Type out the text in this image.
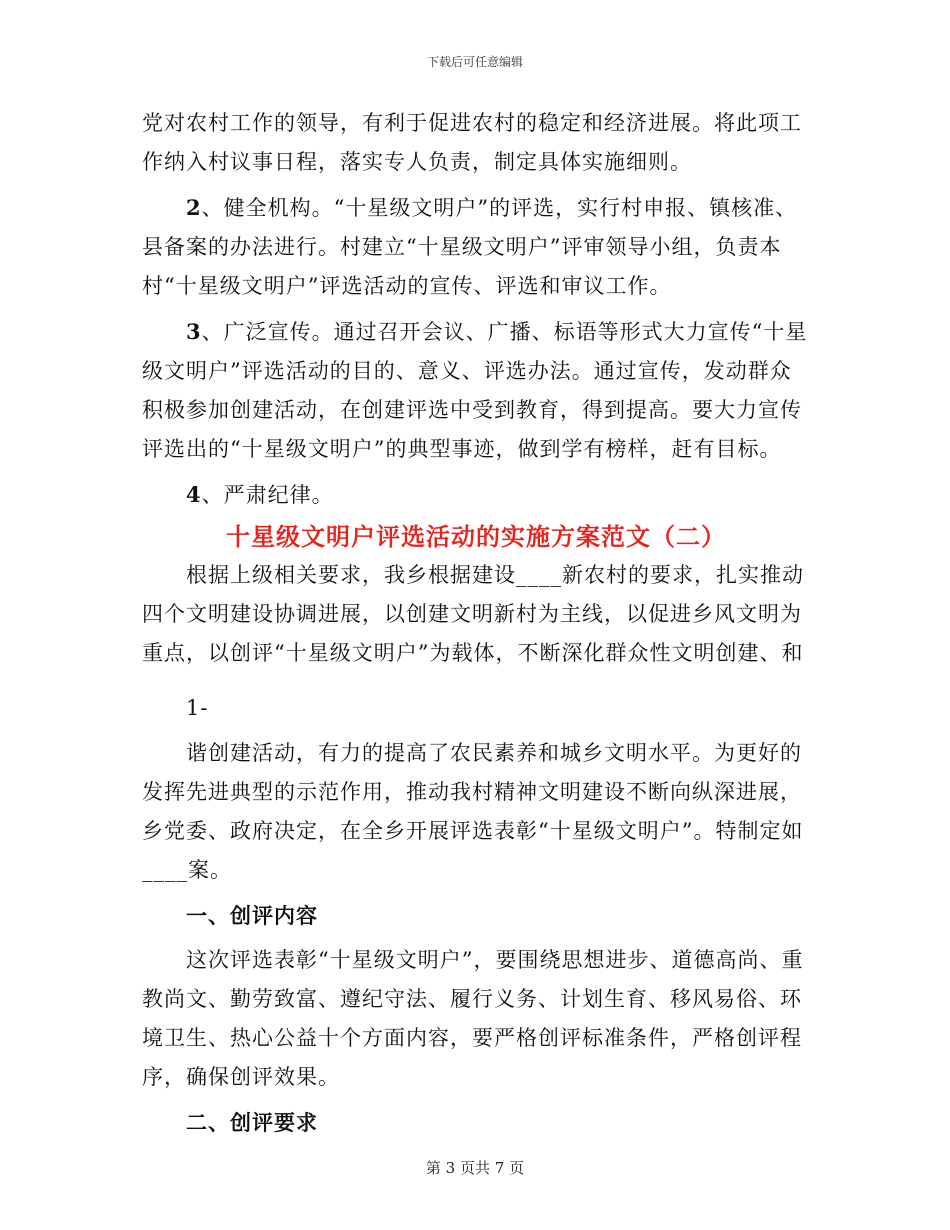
下载后可任意编辑

党对农村工作的领导，有利于促进农村的稳定和经济进展。将此项工作纳入村议事日程，落实专人负责，制定具体实施细则。

2、健全机构。“十星级文明户”的评选，实行村申报、镇核准、县备案的办法进行。村建立“十星级文明户”评审领导小组，负责本村“十星级文明户”评选活动的宣传、评选和审议工作。

3、广泛宣传。通过召开会议、广播、标语等形式大力宣传“十星级文明户”评选活动的目的、意义、评选办法。通过宣传，发动群众积极参加创建活动，在创建评选中受到教育，得到提高。要大力宣传评选出的“十星级文明户”的典型事迹，做到学有榜样，赶有目标。

4、严肃纪律。

十星级文明户评选活动的实施方案范文（二）

根据上级相关要求，我乡根据建设____新农村的要求，扎实推动四个文明建设协调进展，以创建文明新村为主线，以促进乡风文明为重点，以创评“十星级文明户”为载体，不断深化群众性文明创建、和

1-

谐创建活动，有力的提高了农民素养和城乡文明水平。为更好的发挥先进典型的示范作用，推动我村精神文明建设不断向纵深进展，乡党委、政府决定，在全乡开展评选表彰“十星级文明户”。特制定如____案。

一、创评内容

这次评选表彰“十星级文明户”，要围绕思想进步、道德高尚、重教尚文、勤劳致富、遵纪守法、履行义务、计划生育、移风易俗、环境卫生、热心公益十个方面内容，要严格创评标准条件，严格创评程序，确保创评效果。

二、创评要求

第 3 页共 7 页
